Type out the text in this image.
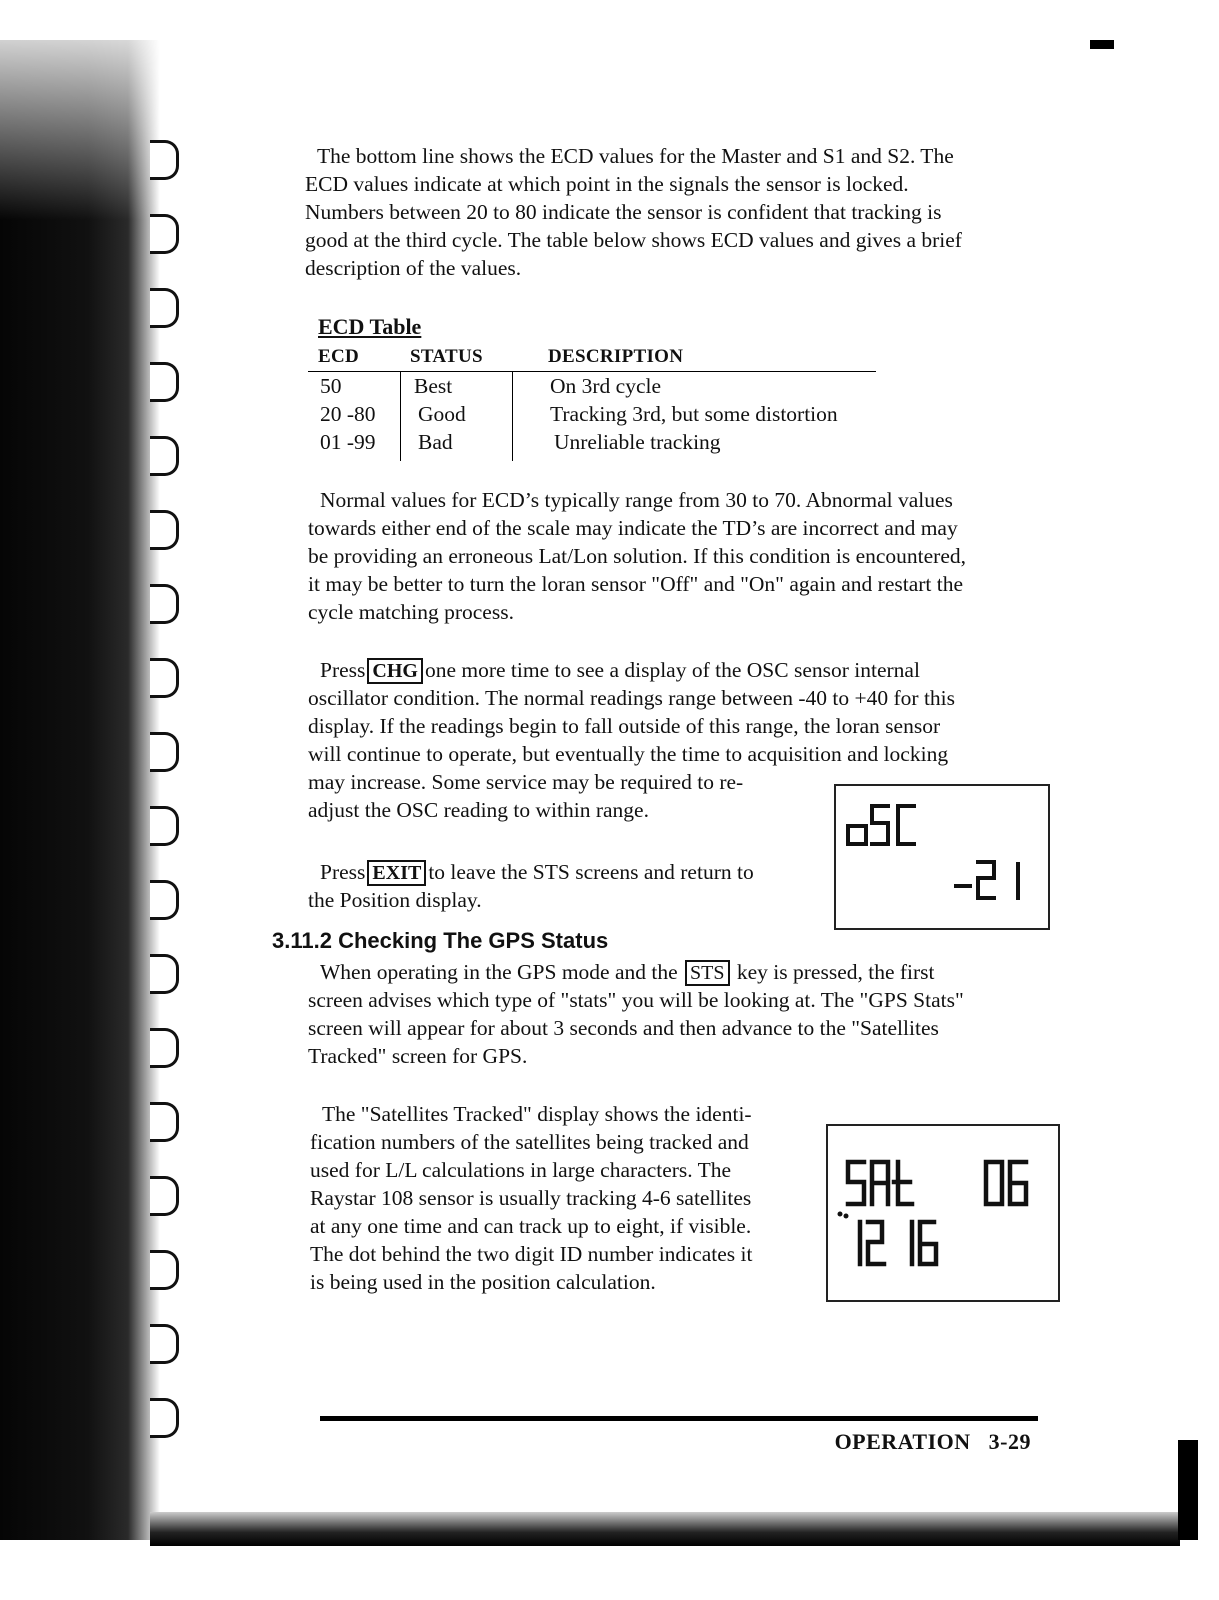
The bottom line shows the ECD values for the Master and S1 and S2. The
ECD values indicate at which point in the signals the sensor is locked.
Numbers between 20 to 80 indicate the sensor is confident that tracking is
good at the third cycle. The table below shows ECD values and gives a brief
description of the values.
ECD Table
ECD	STATUS	DESCRIPTION
50	Best	On 3rd cycle
20 -80 Good	Tracking 3rd, but some distortion
01 -99 Bad	Unreliable tracking
Normal values for ECD’s typically range from 30 to 70. Abnormal values
towards either end of the scale may indicate the TD’s are incorrect and may
be providing an erroneous Lat/Lon solution. If this condition is encountered,
it may be better to turn the loran sensor "Off" and "On" again and restart the
cycle matching process.
Press CHG one more time to see a display of the OSC sensor internal
oscillator condition. The normal readings range between -40 to +40 for this
display. If the readings begin to fall outside of this range, the loran sensor
will continue to operate, but eventually the time to acquisition and locking
may increase. Some service may be required to re-
adjust the OSC reading to within range.
Press EXIT to leave the STS screens and return to
the Position display.
3.11.2 Checking The GPS Status
When operating in the GPS mode and the STS key is pressed, the first
screen advises which type of "stats" you will be looking at. The "GPS Stats"
screen will appear for about 3 seconds and then advance to the "Satellites
Tracked" screen for GPS.
The "Satellites Tracked" display shows the identi-
fication numbers of the satellites being tracked and
used for L/L calculations in large characters. The
Raystar 108 sensor is usually tracking 4-6 satellites
at any one time and can track up to eight, if visible.
The dot behind the two digit ID number indicates it
is being used in the position calculation.
OPERATION 3-29
